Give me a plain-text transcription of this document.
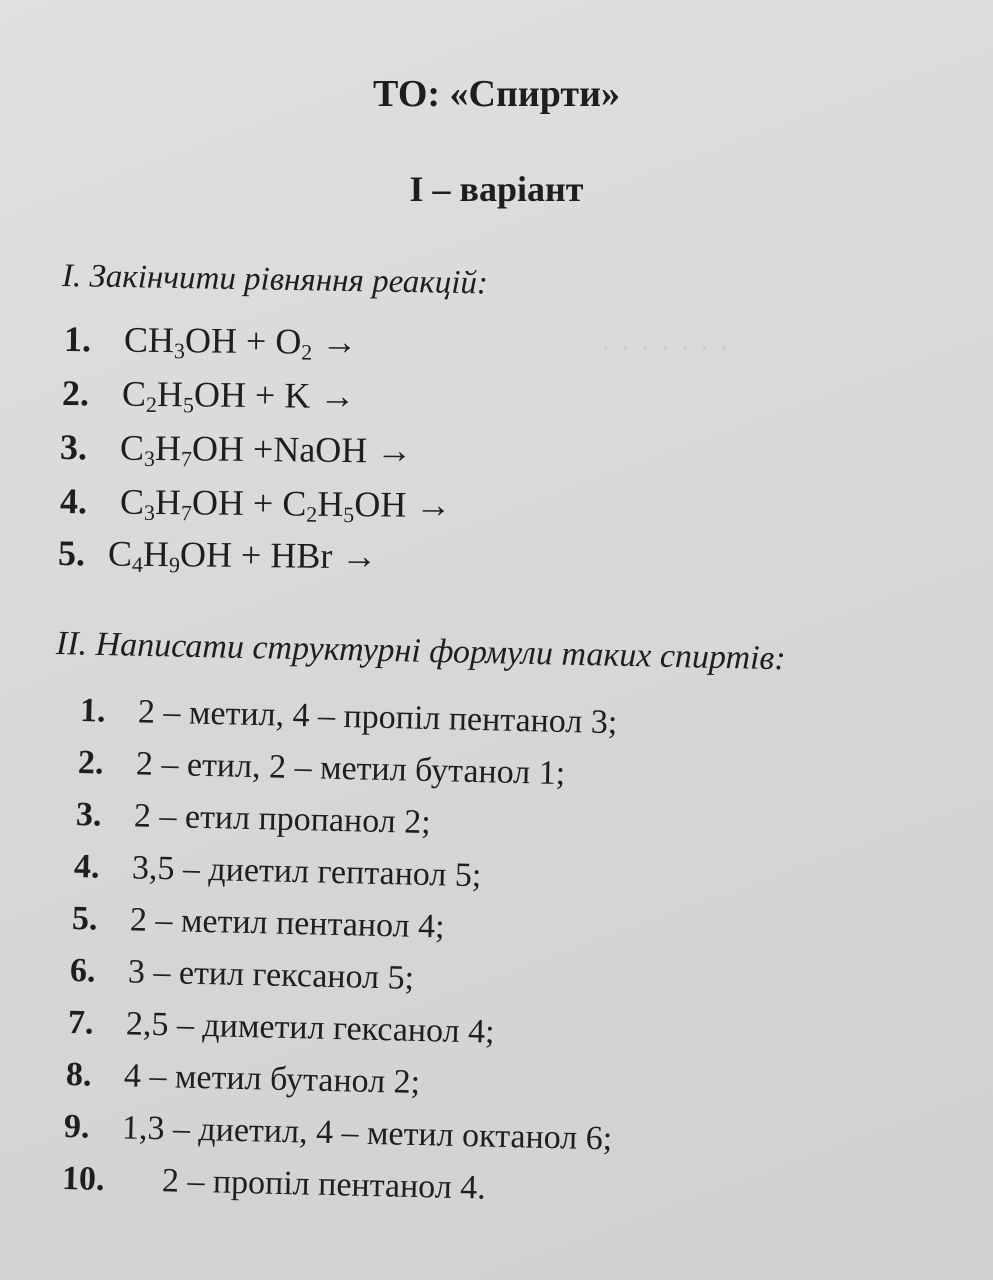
· · · · · · ·
ТО: «Спирти»
I – варіант
I. Закінчити рівняння реакцій:
1. $CH_3OH + O_2$ →
2. $C_2H_5OH + K$ →
3. $C_3H_7OH$ +NaOH →
4. $C_3H_7OH + C_2H_5OH$ →
5. $C_4H_9OH$ + HBr →
II. Написати структурні формули таких спиртів:
1. 2 – метил, 4 – пропіл пентанол 3;
2. 2 – етил, 2 – метил бутанол 1;
3. 2 – етил пропанол 2;
4. 3,5 – диетил гептанол 5;
5. 2 – метил пентанол 4;
6. 3 – етил гексанол 5;
7. 2,5 – диметил гексанол 4;
8. 4 – метил бутанол 2;
9. 1,3 – диетил, 4 – метил октанол 6;
10. 2 – пропіл пентанол 4.
